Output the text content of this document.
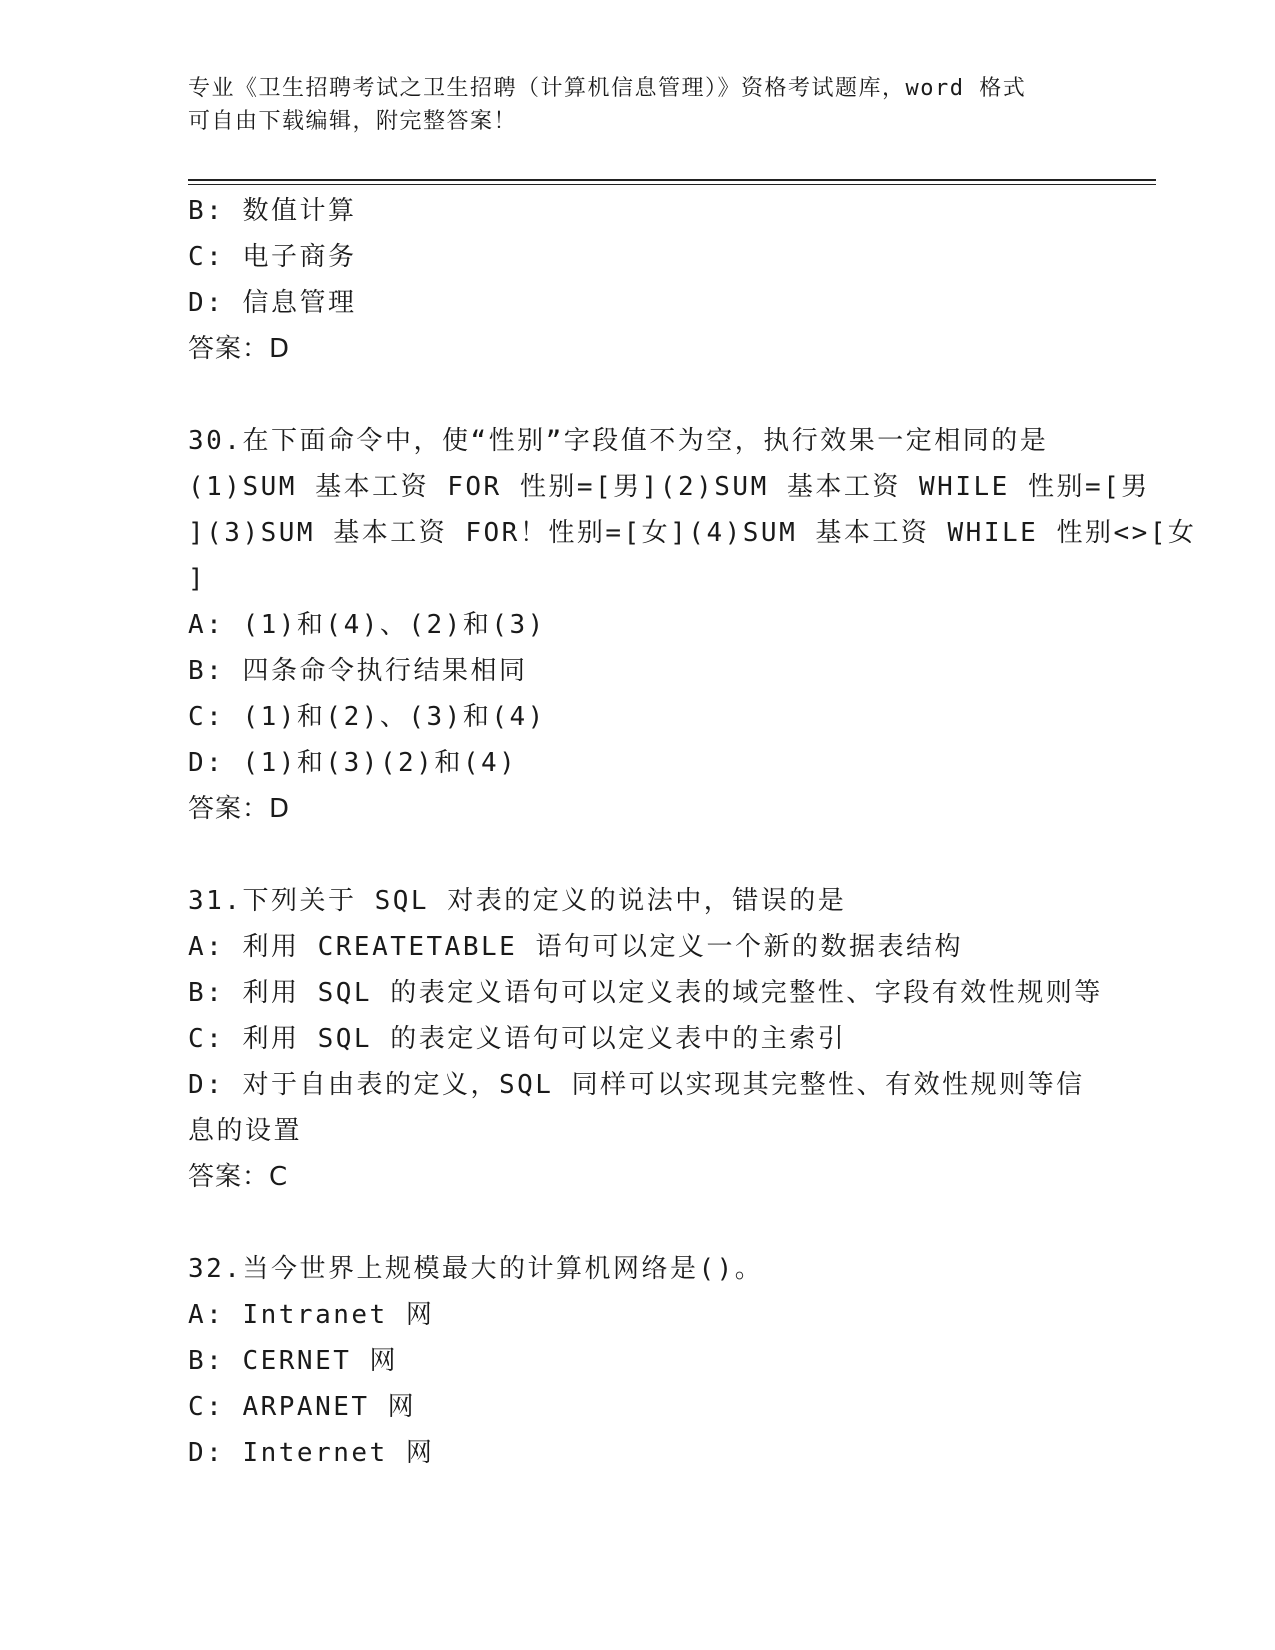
专业《卫生招聘考试之卫生招聘（计算机信息管理）》资格考试题库，word 格式
可自由下载编辑，附完整答案！
B: 数值计算
C: 电子商务
D: 信息管理
答案：D
30.在下面命令中，使“性别”字段值不为空，执行效果一定相同的是
(1)SUM 基本工资 FOR 性别=[男](2)SUM 基本工资 WHILE 性别=[男
](3)SUM 基本工资 FOR！性别=[女](4)SUM 基本工资 WHILE 性别<>[女
]
A: (1)和(4)、(2)和(3)
B: 四条命令执行结果相同
C: (1)和(2)、(3)和(4)
D: (1)和(3)(2)和(4)
答案：D
31.下列关于 SQL 对表的定义的说法中，错误的是
A: 利用 CREATETABLE 语句可以定义一个新的数据表结构
B: 利用 SQL 的表定义语句可以定义表的域完整性、字段有效性规则等
C: 利用 SQL 的表定义语句可以定义表中的主索引
D: 对于自由表的定义，SQL 同样可以实现其完整性、有效性规则等信
息的设置
答案：C
32.当今世界上规模最大的计算机网络是()。
A: Intranet 网
B: CERNET 网
C: ARPANET 网
D: Internet 网
